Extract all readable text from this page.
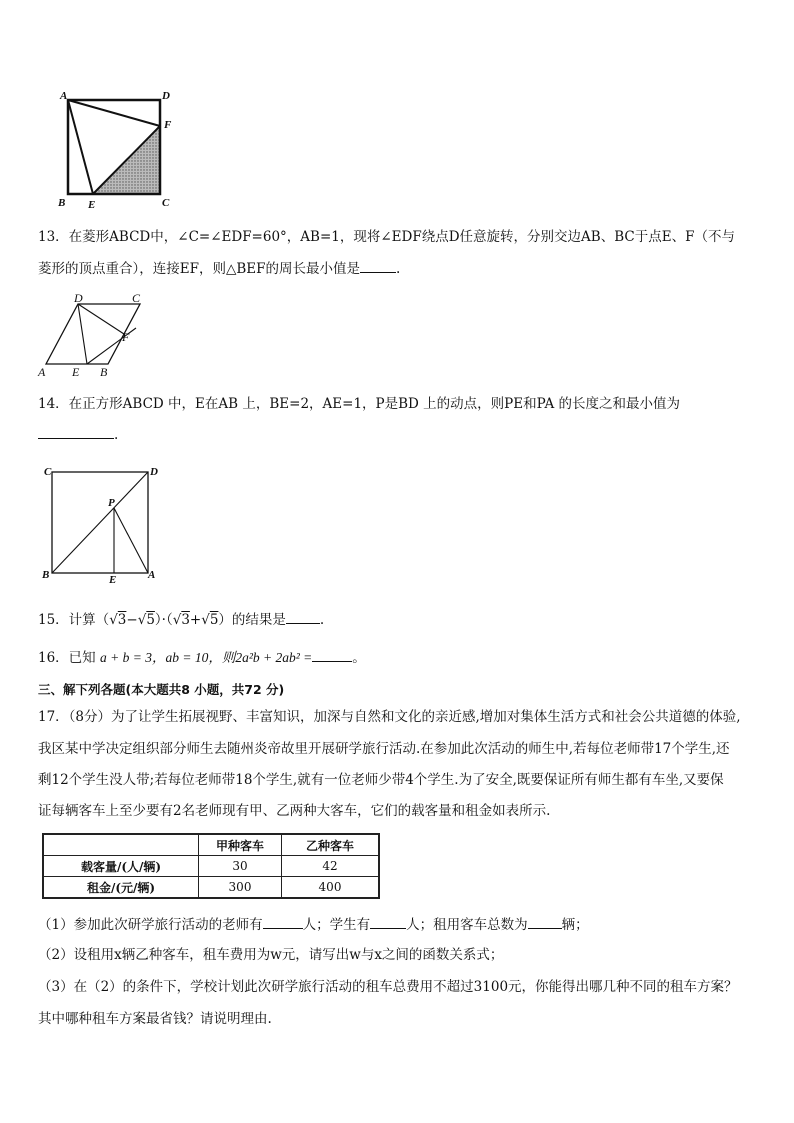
A	D
F
B E	C
13．在菱形ABCD中，∠C=∠EDF=60°，AB=1，现将∠EDF绕点D任意旋转，分别交边AB、BC于点E、F（不与
菱形的顶点重合），连接EF，则△BEF的周长最小值是	.
D	C
F
A E B
14．在正方形ABCD 中，E在AB 上，BE=2，AE=1，P是BD 上的动点，则PE和PA 的长度之和最小值为
.
C	D
P
B	E	A
15．计算（√3−√5）·（√3+√5）的结果是	.
16．已知 a + b = 3，ab = 10，则2a²b + 2ab² =	。
三、解下列各题(本大题共8 小题，共72 分)
17．（8分）为了让学生拓展视野、丰富知识，加深与自然和文化的亲近感,增加对集体生活方式和社会公共道德的体验,
我区某中学决定组织部分师生去随州炎帝故里开展研学旅行活动.在参加此次活动的师生中,若每位老师带17个学生,还
剩12个学生没人带;若每位老师带18个学生,就有一位老师少带4个学生.为了安全,既要保证所有师生都有车坐,又要保
证每辆客车上至少要有2名老师现有甲、乙两种大客车，它们的载客量和租金如表所示.
	甲种客车	乙种客车
载客量/(人/辆)	30	42
租金/(元/辆)	300	400
（1）参加此次研学旅行活动的老师有	人；学生有	人；租用客车总数为	辆；
（2）设租用x辆乙种客车，租车费用为w元，请写出w与x之间的函数关系式；
（3）在（2）的条件下，学校计划此次研学旅行活动的租车总费用不超过3100元，你能得出哪几种不同的租车方案？
其中哪种租车方案最省钱？请说明理由.
